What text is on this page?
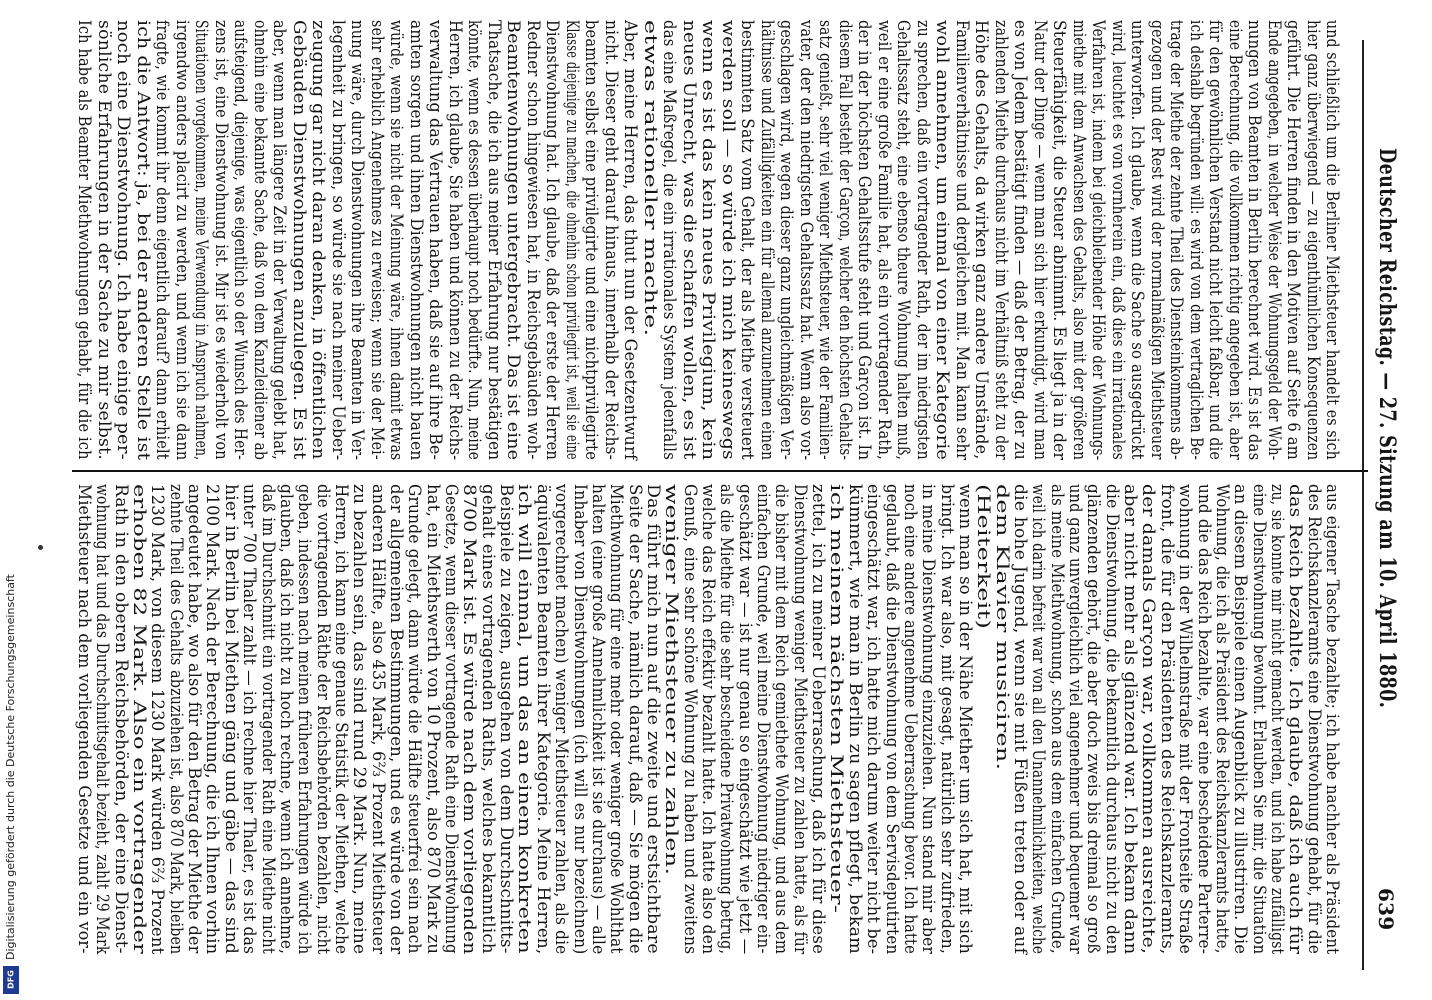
Digitalisierung gefördert durch die Deutsche Forschungsgemeinschaft
DFG
Deutscher Reichstag. — 27. Sitzung am 10. April 1880.
639
und schließlich um die Berliner Miethsteuer handelt es sich
hier ganz überwiegend — zu eigenthümlichen Konsequenzen
geführt. Die Herren finden in den Motiven auf Seite 6 am
Ende angegeben, in welcher Weise der Wohnungsgeld der Woh-
nungen von Beamten in Berlin berechnet wird. Es ist das
eine Berechnung, die vollkommen richtig angegeben ist, aber
für den gewöhnlichen Verstand nicht leicht faßbar, und die
ich deshalb begründen will: es wird von dem vertraglichen Be-
trage der Miethe der zehnte Theil des Diensteinkommens ab-
gezogen und der Rest wird der normalmäßigen Miethsteuer
unterworfen. Ich glaube, wenn die Sache so ausgedrückt
wird, leuchtet es von vornherein ein, daß dies ein irrationales
Verfahren ist, indem bei gleichbleibender Höhe der Wohnungs-
miethe mit dem Anwachsen des Gehalts, also mit der größeren
Steuerfähigkeit, die Steuer abnimmt. Es liegt ja in der
Natur der Dinge — wenn man sich hier erkundigt, wird man
es von Jedem bestätigt finden — daß der Betrag, der zu
zahlenden Miethe durchaus nicht im Verhältniß steht zu der
Höhe des Gehalts, da wirken ganz andere Umstände,
Familienverhältnisse und dergleichen mit. Man kann sehr
wohl annehmen, um einmal von einer Kategorie
zu sprechen, daß ein vortragender Rath, der im niedrigsten
Gehaltssatz steht, eine ebenso theure Wohnung halten muß,
weil er eine große Familie hat, als ein vortragender Rath,
der in der höchsten Gehaltsstufe steht und Garçon ist. In
diesem Fall besteht der Garçon, welcher den höchsten Gehalts-
satz genießt, sehr viel weniger Miethsteuer, wie der Familien-
vater, der den niedrigsten Gehaltssatz hat. Wenn also vor-
geschlagen wird, wegen dieser ganz ungleichmäßigen Ver-
hältnisse und Zufälligkeiten ein für allemal anzunehmen einen
bestimmten Satz vom Gehalt, der als Miethe versteuert
werden soll — so würde ich mich keineswegs
wenn es ist das kein neues Privilegium, kein
neues Unrecht, was die schaffen wollen, es ist
das eine Maßregel, die ein irrationales System jedenfalls
etwas rationeller machte.
Aber, meine Herren, das thut nun der Gesetzentwurf
nicht. Dieser geht darauf hinaus, innerhalb der Reichs-
beamten selbst eine privilegirte und eine nichtprivilegirte
Klasse diejenige zu machen, die ohnehin schon privilegirt ist, weil sie eine
Dienstwohnung hat. Ich glaube, daß der erste der Herren
Redner schon hingewiesen hat, in Reichsgebäuden woh-
Beamtenwohnungen untergebracht. Das ist eine
Thatsache, die ich aus meiner Erfahrung nur bestätigen
könnte, wenn es dessen überhaupt noch bedürfte. Nun, meine
Herren, ich glaube, Sie haben und können zu der Reichs-
verwaltung das Vertrauen haben, daß sie auf ihre Be-
amten sorgen und ihnen Dienstwohnungen nicht bauen
würde, wenn sie nicht der Meinung wäre, ihnen damit etwas
sehr erheblich Angenehmes zu erweisen; wenn sie der Mei-
nung wäre, durch Dienstwohnungen ihre Beamten in Ver-
legenheit zu bringen, so würde sie nach meiner Ueber-
zeugung gar nicht daran denken, in öffentlichen
Gebäuden Dienstwohnungen anzulegen. Es ist
aber, wenn man längere Zeit in der Verwaltung gelebt hat,
ohnehin eine bekannte Sache, daß von dem Kanzleidiener ab
aufsteigend, diejenige, was eigentlich so der Wunsch des Her-
zens ist, eine Dienstwohnung ist. Mir ist es wiederholt von
Situationen vorgekommen, meine Verwendung in Anspruch nahmen,
irgendwo anders placirt zu werden, und wenn ich sie dann
fragte, wie kommt ihr denn eigentlich darauf? dann erhielt
ich die Antwort: ja, bei der anderen Stelle ist
noch eine Dienstwohnung. Ich habe einige per-
sönliche Erfahrungen in der Sache zu mir selbst.
Ich habe als Beamter Miethwohnungen gehabt, für die ich
aus eigener Tasche bezahlte; ich habe nachher als Präsident
des Reichskanzleramts eine Dienstwohnung gehabt, für die
das Reich bezahlte. Ich glaube, daß ich auch für
zu, sie konnte mir nicht gemacht werden, und ich habe zufälligst
eine Dienstwohnung bewohnt. Erlauben Sie mir, die Situation
an diesem Beispiele einen Augenblick zu illustriren. Die
Wohnung, die ich als Präsident des Reichskanzleramts hatte,
und die das Reich bezahlte, war eine bescheidene Parterre-
wohnung in der Wilhelmstraße mit der Frontseite Straße
front, die für den Präsidenten des Reichskanzleramts,
der damals Garçon war, vollkommen ausreichte,
aber nicht mehr als glänzend war. Ich bekam dann
die Dienstwohnung, die bekanntlich durchaus nicht zu den
glänzenden gehört, die aber doch zweis bis dreimal so groß
und ganz unvergleichlich viel angenehmer und bequemer war
als meine Miethwohnung, schon aus dem einfachen Grunde,
weil ich darin befreit war von all den Unannehmlichkeiten, welche
die hohe Jugend, wenn sie mit Füßen treten oder auf
dem Klavier musiciren.
(Heiterkeit)
wenn man so in der Nähe Miether um sich hat, mit sich
bringt. Ich war also, mit gesagt, natürlich sehr zufrieden,
in meine Dienstwohnung einzuziehen. Nun stand mir aber
noch eine andere angenehme Ueberraschung bevor. Ich hatte
geglaubt, daß die Dienstwohnung von dem Servisdeputirten
eingeschätzt war, ich hatte mich darum weiter nicht be-
kümmert, wie man in Berlin zu sagen pflegt, bekam
ich meinem nächsten Miethsteuer-
zettel, ich zu meiner Ueberraschung, daß ich für diese
Dienstwohnung weniger Miethsteuer zu zahlen hatte, als für
die bisher mit dem Reich gemiethete Wohnung, und aus dem
einfachen Grunde, weil meine Dienstwohnung niedriger ein-
geschätzt war — ist nur genau so eingeschätzt wie jetzt —
als die Miethe für die sehr bescheidene Privatwohnung betrug,
welche das Reich effektiv bezahlt hatte. Ich hatte also den
Genuß, eine sehr schöne Wohnung zu haben und zweitens
weniger Miethsteuer zu zahlen.
Das führt mich nun auf die zweite und erstsichtbare
Seite der Sache, nämlich darauf, daß — Sie mögen die
Miethwohnung für eine mehr oder weniger große Wohlthat
halten (eine große Annehmlichkeit ist sie durchaus) — alle
Inhaber von Dienstwohnungen (ich will es nur bezeichnen)
vorgerechnet machen) weniger Miethsteuer zahlen, als die
äquivalenten Beamten ihrer Kategorie. Meine Herren,
ich will einmal, um das an einem konkreten
Beispiele zu zeigen, ausgehen von dem Durchschnitts-
gehalt eines vortragenden Raths, welches bekanntlich
8700 Mark ist. Es würde nach dem vorliegenden
Gesetze, wenn dieser vortragende Rath eine Dienstwohnung
hat, ein Miethswerth von 10 Prozent, also 870 Mark zu
Grunde gelegt, dann würde die Hälfte steuerfrei sein nach
der allgemeinen Bestimmungen, und es würde von der
anderen Hälfte, also 435 Mark, 6⅔ Prozent Miethsteuer
zu bezahlen sein, das sind rund 29 Mark. Nun, meine
Herren, ich kann eine genaue Statistik der Miethen, welche
die vortragenden Räthe der Reichsbehörden bezahlen, nicht
geben, indessen nach meinen früheren Erfahrungen würde ich
glauben, daß ich nicht zu hoch rechne, wenn ich annehme,
daß im Durchschnitt ein vortragender Rath eine Miethe nicht
unter 700 Thaler zahlt — ich rechne hier Thaler, es ist das
hier in Berlin bei Miethen gäng und gäbe — das sind
2100 Mark. Nach der Berechnung, die ich Ihnen vorhin
angedeutet habe, wo also für den Betrag der Miethe der
zehnte Theil des Gehalts abzuziehen ist, also 870 Mark, bleiben
1230 Mark, von diesem 1230 Mark würden 6⅔ Prozent
erhoben 82 Mark. Also ein vortragender
Rath in den oberen Reichsbehörden, der eine Dienst-
wohnung hat und das Durchschnittsgehalt bezieht, zahlt 29 Mark
Miethsteuer nach dem vorliegenden Gesetze und ein vor-
